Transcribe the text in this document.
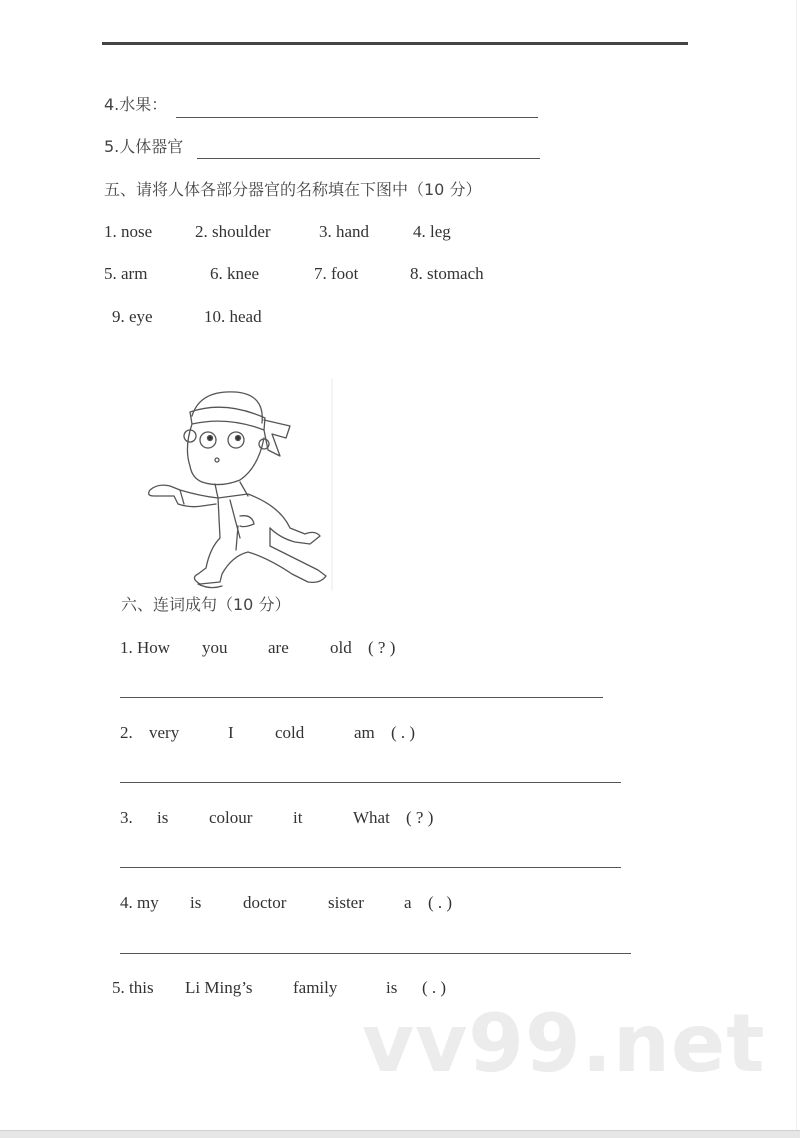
4.水果：
5.人体器官
五、请将人体各部分器官的名称填在下图中（10 分）
1. nose	2. shoulder	3. hand	4. leg
5. arm	6. knee	7. foot	8. stomach
9. eye	10. head
六、连词成句（10 分）
1. How you are old ( ? )
2. very	I cold	am ( . )
3. is colour it	What ( ? )
4. my is doctor sister a ( . )
5. this Li Ming’s family	is ( . )
vv99.net
